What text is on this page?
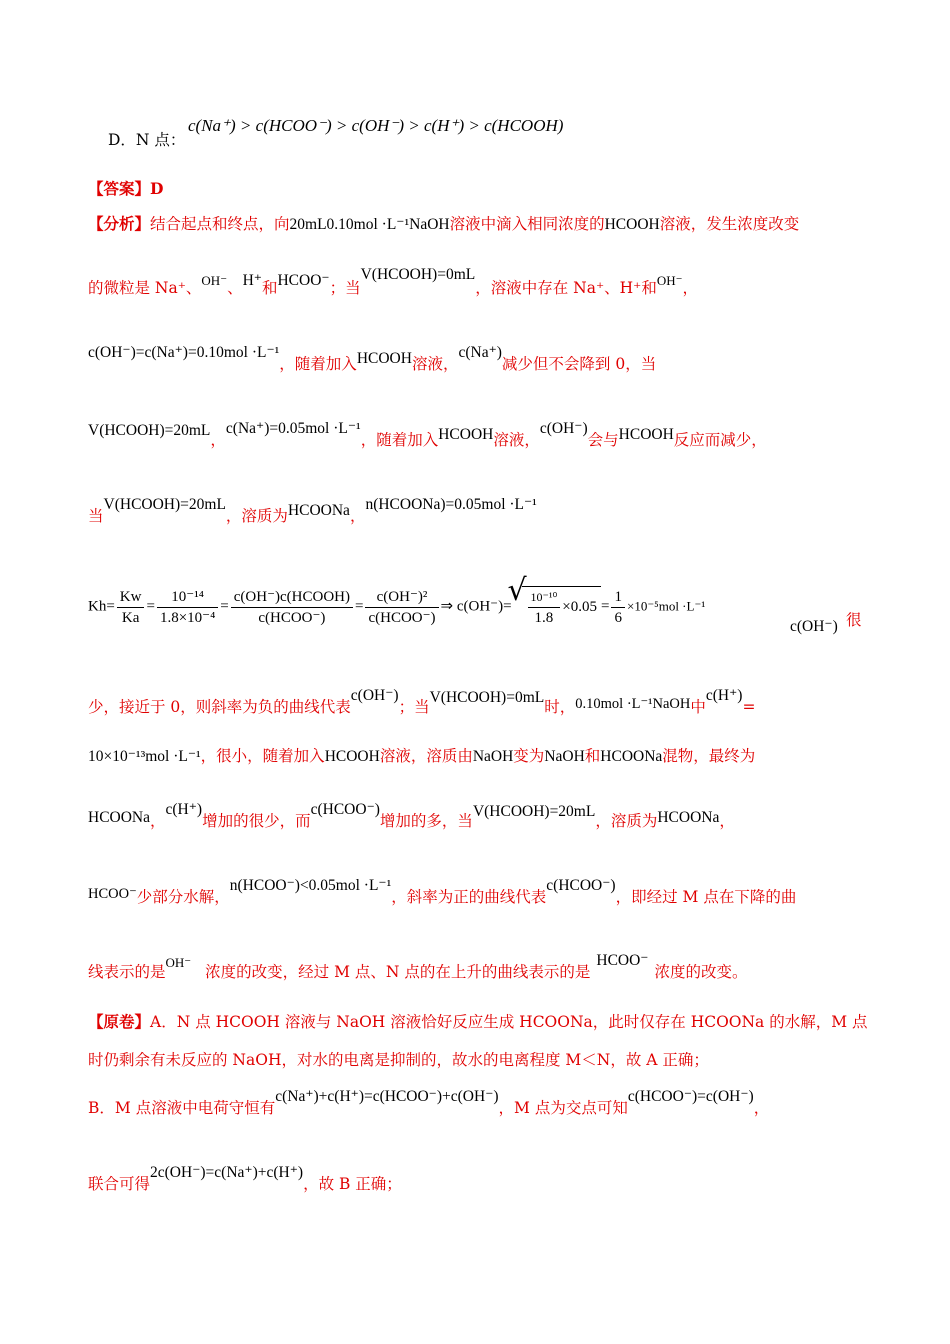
D．N 点：
c(Na⁺) > c(HCOO⁻) > c(OH⁻) > c(H⁺) > c(HCOOH)
【答案】D
【分析】结合起点和终点，向20mL0.10mol ·L⁻¹NaOH溶液中滴入相同浓度的HCOOH溶液，发生浓度改变
的微粒是 Na⁺、$^{OH^-}$、H⁺和HCOO⁻；当V(HCOOH)=0mL，溶液中存在 Na⁺、H⁺和$^{OH^-}$，
c(OH⁻)=c(Na⁺)=0.10mol ·L⁻¹，随着加入HCOOH溶液，c(Na⁺)减少但不会降到 0，当
V(HCOOH)=20mL，c(Na⁺)=0.05mol ·L⁻¹，随着加入HCOOH溶液，c(OH⁻)会与HCOOH反应而减少，
当V(HCOOH)=20mL，溶质为HCOONa，n(HCOONa)=0.05mol ·L⁻¹
$Kh= \frac{Kw}{Ka} = \frac{\text{10⁻¹⁴}}{\text{1.8×10⁻⁴}} = \frac{\text{c(OH⁻)c(HCOOH)}}{\text{c(HCOO⁻)}} = \frac{\text{c(OH⁻)²}}{\text{c(HCOO⁻)}}$ ⇒ c(OH⁻)=
√ $\frac{\text{10⁻¹⁰}}{1.8} \times 0.05 = \frac{1}{6} \times 10^{-5}mol \cdot L^{-1}$
c(OH⁻) 很
少，接近于 0，则斜率为负的曲线代表c(OH⁻)；当V(HCOOH)=0mL时，0.10mol ·L⁻¹NaOH中c(H⁺)=
10×10⁻¹³mol ·L⁻¹，很小，随着加入HCOOH溶液，溶质由NaOH变为NaOH和HCOONa混物，最终为
HCOONa，c(H⁺)增加的很少，而c(HCOO⁻)增加的多，当V(HCOOH)=20mL，溶质为HCOONa，
HCOO⁻少部分水解，n(HCOO⁻)<0.05mol ·L⁻¹，斜率为正的曲线代表c(HCOO⁻)，即经过 M 点在下降的曲
线表示的是$^{OH^-}$浓度的改变，经过 M 点、N 点的在上升的曲线表示的是HCOO⁻浓度的改变。
【原卷】A．N 点 HCOOH 溶液与 NaOH 溶液恰好反应生成 HCOONa，此时仅存在 HCOONa 的水解，M 点
时仍剩余有未反应的 NaOH，对水的电离是抑制的，故水的电离程度 M＜N，故 A 正确；
B．M 点溶液中电荷守恒有c(Na⁺)+c(H⁺)=c(HCOO⁻)+c(OH⁻)，M 点为交点可知c(HCOO⁻)=c(OH⁻)，
联合可得2c(OH⁻)=c(Na⁺)+c(H⁺)，故 B 正确；
